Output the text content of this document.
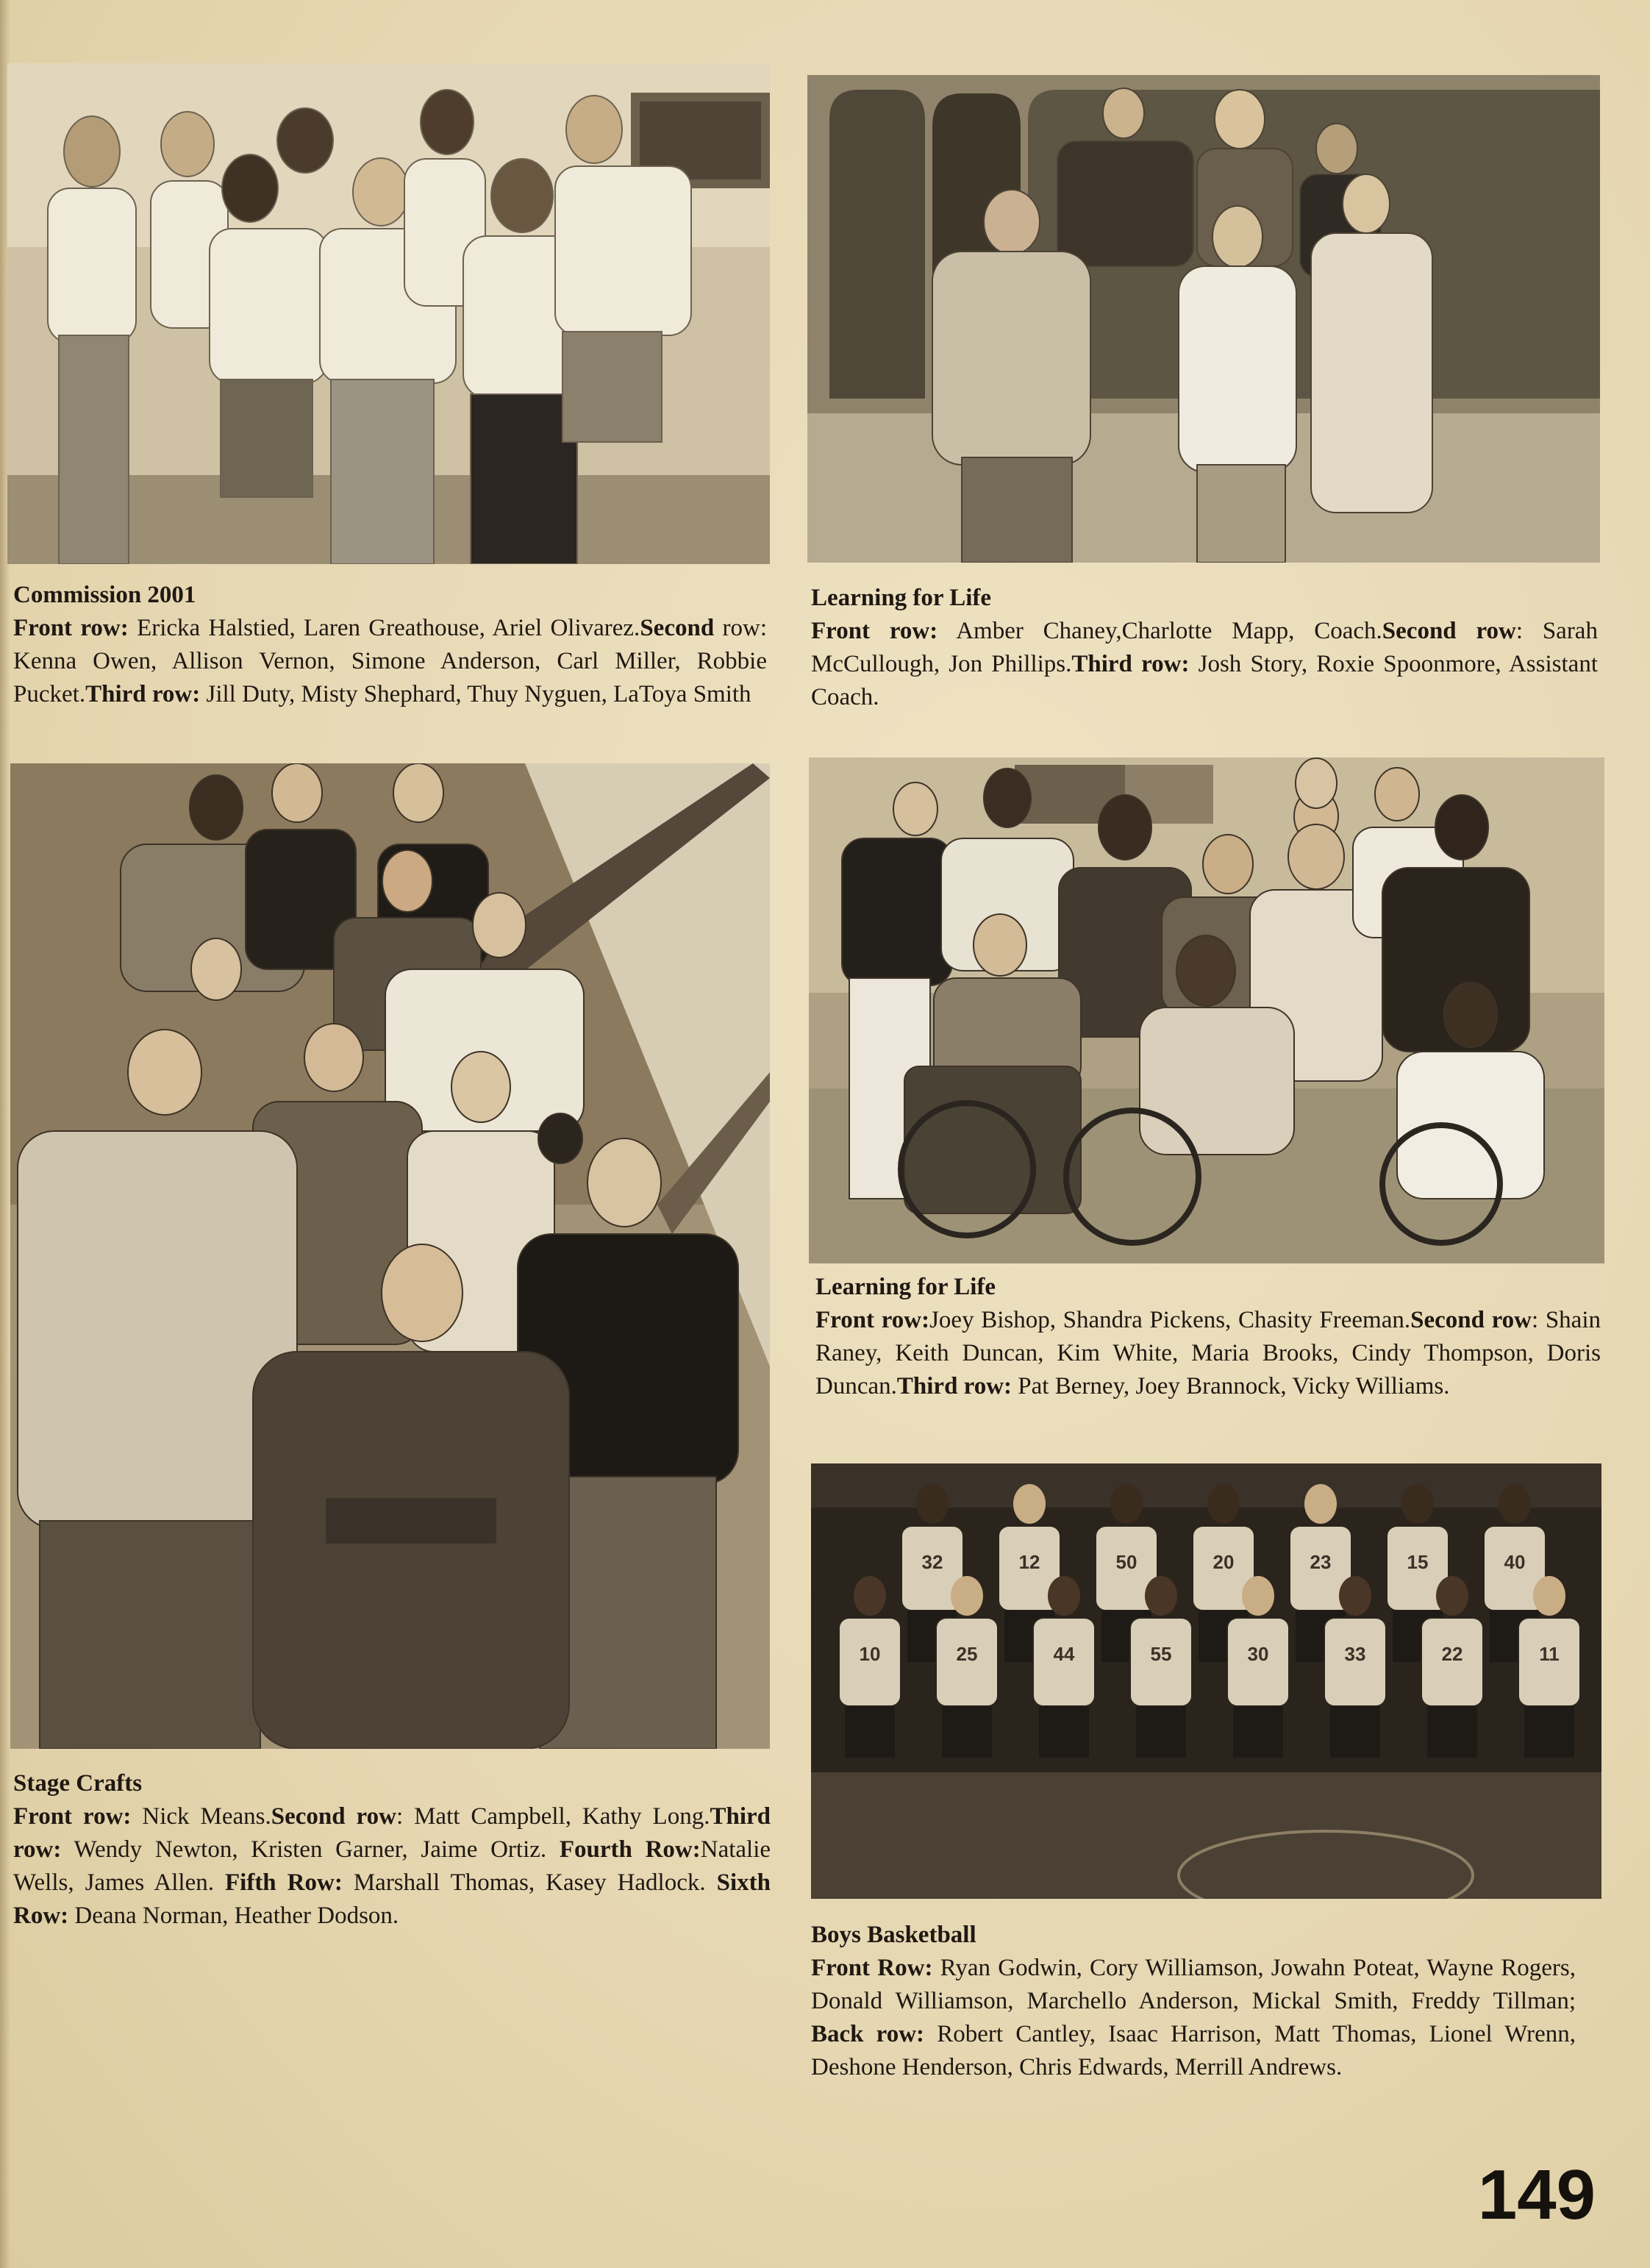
Commission 2001
Front row: Ericka Halstied, Laren Greathouse, Ariel Olivarez.Second row: Kenna Owen, Allison Vernon, Simone Anderson, Carl Miller, Robbie Pucket.Third row: Jill Duty, Misty Shephard, Thuy Nyguen, LaToya Smith
Learning for Life
Front row: Amber Chaney,Charlotte Mapp, Coach.Second row: Sarah McCullough, Jon Phillips.Third row: Josh Story, Roxie Spoonmore, Assistant Coach.
Stage Crafts
Front row: Nick Means.Second row: Matt Campbell, Kathy Long.Third row: Wendy Newton, Kristen Garner, Jaime Ortiz. Fourth Row:Natalie Wells, James Allen. Fifth Row: Marshall Thomas, Kasey Hadlock. Sixth Row: Deana Norman, Heather Dodson.
Learning for Life
Front row:Joey Bishop, Shandra Pickens, Chasity Freeman.Second row: Shain Raney, Keith Duncan, Kim White, Maria Brooks, Cindy Thompson, Doris Duncan.Third row: Pat Berney, Joey Brannock, Vicky Williams.
32	12	50	20	23	15	40
10	25	44	55	30	33	22	11
Boys Basketball
Front Row: Ryan Godwin, Cory Williamson, Jowahn Poteat, Wayne Rogers, Donald Williamson, Marchello Anderson, Mickal Smith, Freddy Tillman; Back row: Robert Cantley, Isaac Harrison, Matt Thomas, Lionel Wrenn, Deshone Henderson, Chris Edwards, Merrill Andrews.
149
